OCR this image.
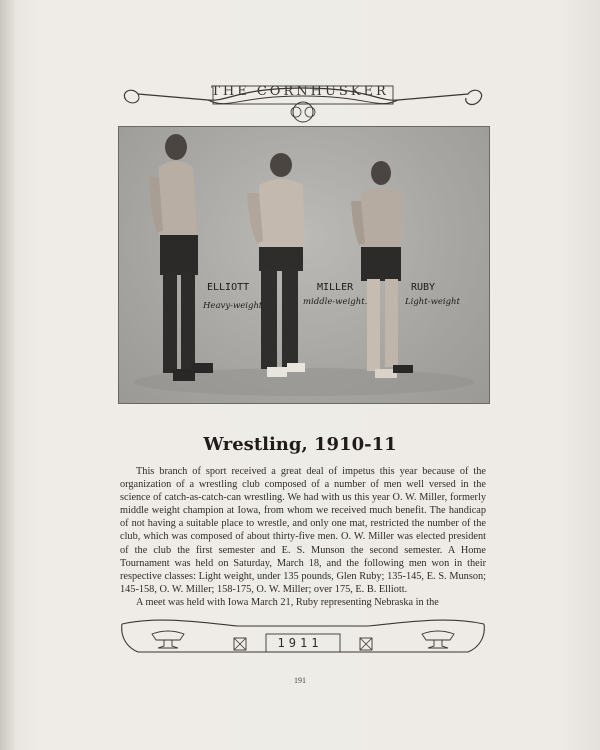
THE CORNHUSKER
ELLIOTT
Heavy-weight
MILLER
middle-weight.
RUBY
Light-weight
Wrestling, 1910-11

This branch of sport received a great deal of impetus this year because of the organization of a wrestling club composed of a number of men well versed in the science of catch-as-catch-can wrestling. We had with us this year O. W. Miller, formerly middle weight champion at Iowa, from whom we received much benefit. The handicap of not having a suitable place to wrestle, and only one mat, restricted the number of the club, which was composed of about thirty-five men. O. W. Miller was elected president of the club the first semester and E. S. Munson the second semester. A Home Tournament was held on Saturday, March 18, and the following men won in their respective classes: Light weight, under 135 pounds, Glen Ruby; 135-145, E. S. Munson; 145-158, O. W. Miller; 158-175, O. W. Miller; over 175, E. B. Elliott.

A meet was held with Iowa March 21, Ruby representing Nebraska in the

1911
191
